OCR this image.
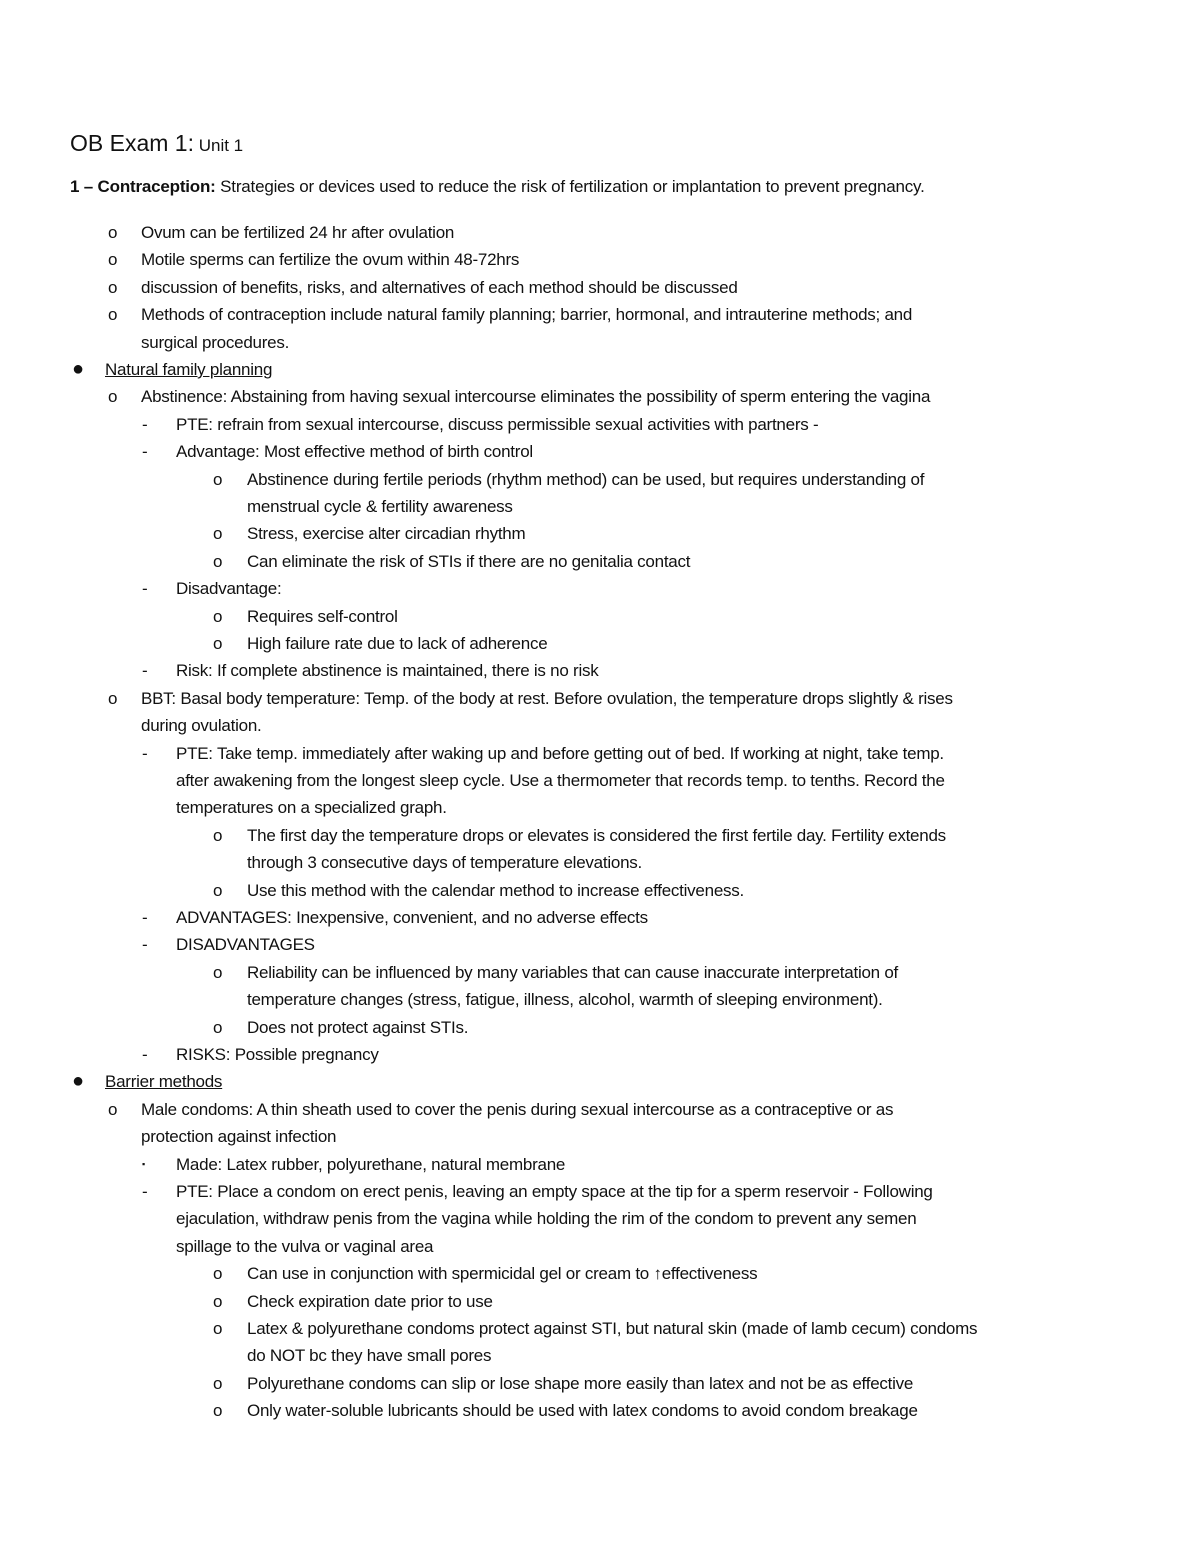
OB Exam 1: Unit 1
1 – Contraception: Strategies or devices used to reduce the risk of fertilization or implantation to prevent pregnancy.
o Ovum can be fertilized 24 hr after ovulation
o Motile sperms can fertilize the ovum within 48-72hrs
o discussion of benefits, risks, and alternatives of each method should be discussed
o Methods of contraception include natural family planning; barrier, hormonal, and intrauterine methods; and
surgical procedures.
● Natural family planning
o Abstinence: Abstaining from having sexual intercourse eliminates the possibility of sperm entering the vagina
- PTE: refrain from sexual intercourse, discuss permissible sexual activities with partners -
- Advantage: Most effective method of birth control
o Abstinence during fertile periods (rhythm method) can be used, but requires understanding of
menstrual cycle & fertility awareness
o Stress, exercise alter circadian rhythm
o Can eliminate the risk of STIs if there are no genitalia contact
- Disadvantage:
o Requires self-control
o High failure rate due to lack of adherence
- Risk: If complete abstinence is maintained, there is no risk
o BBT: Basal body temperature: Temp. of the body at rest. Before ovulation, the temperature drops slightly & rises
during ovulation.
- PTE: Take temp. immediately after waking up and before getting out of bed. If working at night, take temp.
after awakening from the longest sleep cycle. Use a thermometer that records temp. to tenths. Record the
temperatures on a specialized graph.
o The first day the temperature drops or elevates is considered the first fertile day. Fertility extends
through 3 consecutive days of temperature elevations.
o Use this method with the calendar method to increase effectiveness.
- ADVANTAGES: Inexpensive, convenient, and no adverse effects
- DISADVANTAGES
o Reliability can be influenced by many variables that can cause inaccurate interpretation of
temperature changes (stress, fatigue, illness, alcohol, warmth of sleeping environment).
o Does not protect against STIs.
- RISKS: Possible pregnancy
● Barrier methods
o Male condoms: A thin sheath used to cover the penis during sexual intercourse as a contraceptive or as
protection against infection
▪ Made: Latex rubber, polyurethane, natural membrane
- PTE: Place a condom on erect penis, leaving an empty space at the tip for a sperm reservoir - Following
ejaculation, withdraw penis from the vagina while holding the rim of the condom to prevent any semen
spillage to the vulva or vaginal area
o Can use in conjunction with spermicidal gel or cream to ↑effectiveness
o Check expiration date prior to use
o Latex & polyurethane condoms protect against STI, but natural skin (made of lamb cecum) condoms
do NOT bc they have small pores
o Polyurethane condoms can slip or lose shape more easily than latex and not be as effective
o Only water-soluble lubricants should be used with latex condoms to avoid condom breakage
